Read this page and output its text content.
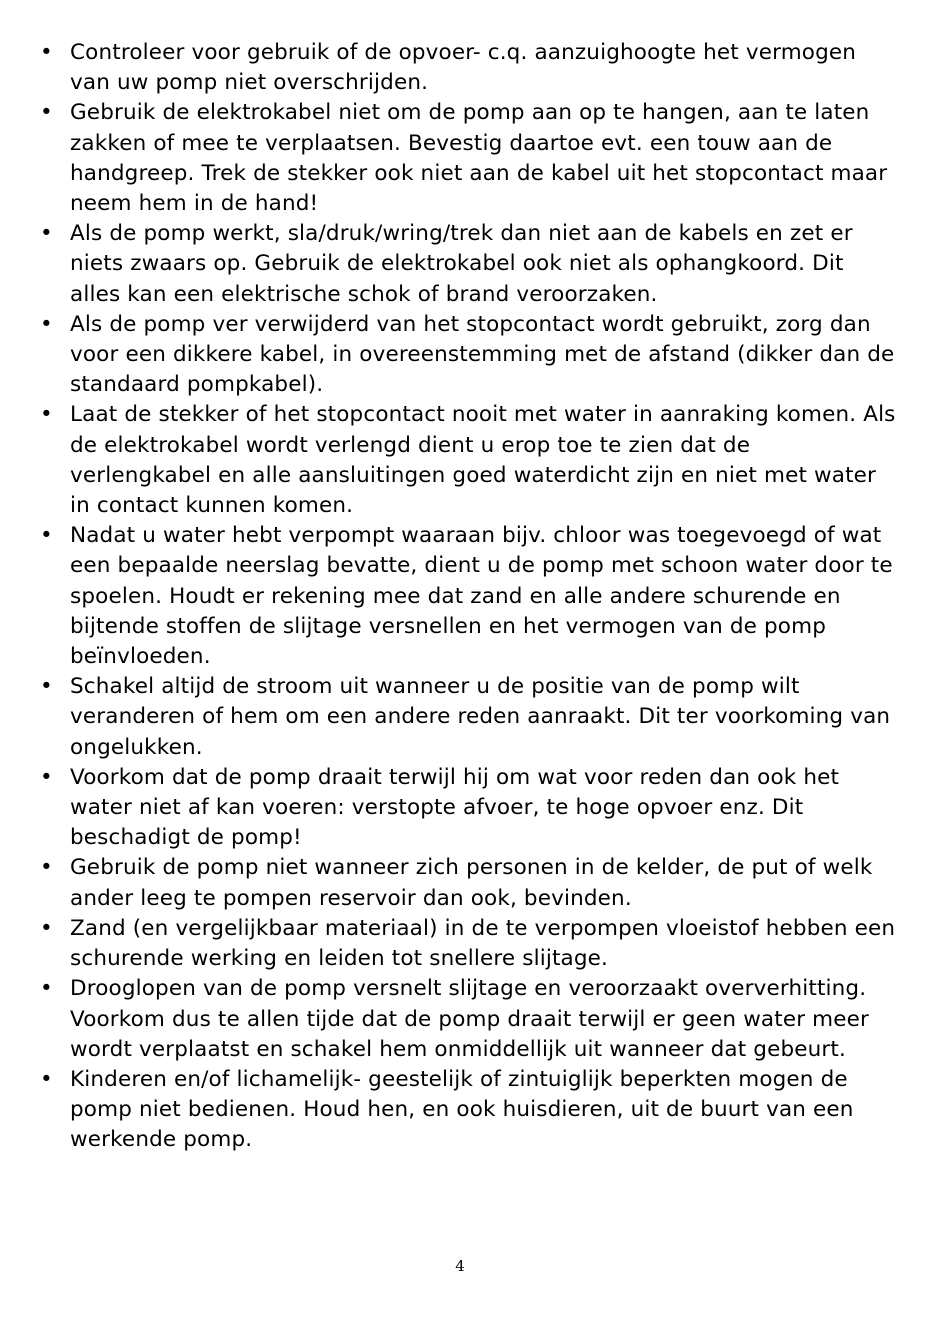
• Controleer voor gebruik of de opvoer- c.q. aanzuighoogte het vermogen van uw pomp niet overschrijden.
• Gebruik de elektrokabel niet om de pomp aan op te hangen, aan te laten zakken of mee te verplaatsen. Bevestig daartoe evt. een touw aan de handgreep. Trek de stekker ook niet aan de kabel uit het stopcontact maar neem hem in de hand!
• Als de pomp werkt, sla/druk/wring/trek dan niet aan de kabels en zet er niets zwaars op. Gebruik de elektrokabel ook niet als ophangkoord. Dit alles kan een elektrische schok of brand veroorzaken.
• Als de pomp ver verwijderd van het stopcontact wordt gebruikt, zorg dan voor een dikkere kabel, in overeenstemming met de afstand (dikker dan de standaard pompkabel).
• Laat de stekker of het stopcontact nooit met water in aanraking komen. Als de elektrokabel wordt verlengd dient u erop toe te zien dat de verlengkabel en alle aansluitingen goed waterdicht zijn en niet met water in contact kunnen komen.
• Nadat u water hebt verpompt waaraan bijv. chloor was toegevoegd of wat een bepaalde neerslag bevatte, dient u de pomp met schoon water door te spoelen. Houdt er rekening mee dat zand en alle andere schurende en bijtende stoffen de slijtage versnellen en het vermogen van de pomp beïnvloeden.
• Schakel altijd de stroom uit wanneer u de positie van de pomp wilt veranderen of hem om een andere reden aanraakt. Dit ter voorkoming van ongelukken.
• Voorkom dat de pomp draait terwijl hij om wat voor reden dan ook het water niet af kan voeren: verstopte afvoer, te hoge opvoer enz. Dit beschadigt de pomp!
• Gebruik de pomp niet wanneer zich personen in de kelder, de put of welk ander leeg te pompen reservoir dan ook, bevinden.
• Zand (en vergelijkbaar materiaal) in de te verpompen vloeistof hebben een schurende werking en leiden tot snellere slijtage.
• Drooglopen van de pomp versnelt slijtage en veroorzaakt oververhitting. Voorkom dus te allen tijde dat de pomp draait terwijl er geen water meer wordt verplaatst en schakel hem onmiddellijk uit wanneer dat gebeurt.
• Kinderen en/of lichamelijk- geestelijk of zintuiglijk beperkten mogen de pomp niet bedienen. Houd hen, en ook huisdieren, uit de buurt van een werkende pomp.
4
